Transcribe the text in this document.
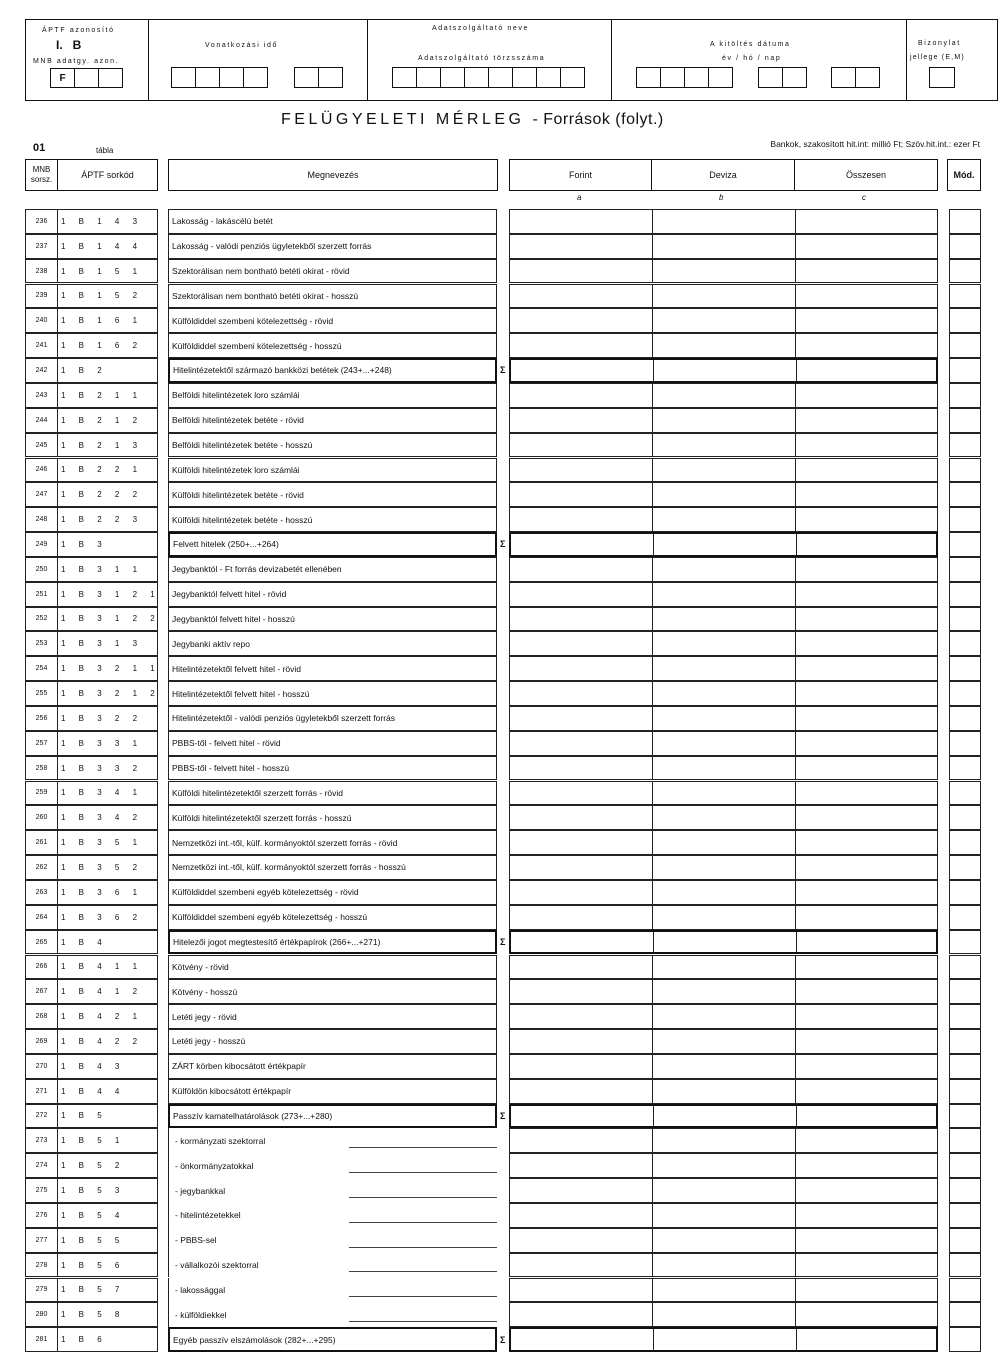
ÁPTF azonosító
I.   B
MNB adatgy. azon.
F
Vonatkozási idő
Adatszolgáltató neve
Adatszolgáltató törzsszáma
A kitöltés dátuma
év / hó / nap
Bizonylat
jellege (E,M)
FELÜGYELETI MÉRLEG - Források (folyt.)
01	tábla
Bankok, szakosított hit.int: millió Ft; Szöv.hit.int.: ezer Ft
MNB sorsz.	ÁPTF sorkód	Megnevezés	Forint	Deviza	Összesen	Mód.
a	b	c
236	1 B 1 4 3	Lakosság - lakáscélú betét
237	1 B 1 4 4	Lakosság - valódi penziós ügyletekből szerzett forrás
238	1 B 1 5 1	Szektorálisan nem bontható betéti okirat - rövid
239	1 B 1 5 2	Szektorálisan nem bontható betéti okirat - hosszú
240	1 B 1 6 1	Külföldiddel szembeni kötelezettség - rövid
241	1 B 1 6 2	Külföldiddel szembeni kötelezettség - hosszú
242	1 B 2	Hitelintézetektől származó bankközi betétek (243+...+248)	Σ
243	1 B 2 1 1	Belföldi hitelintézetek loro számlái
244	1 B 2 1 2	Belföldi hitelintézetek betéte - rövid
245	1 B 2 1 3	Belföldi hitelintézetek betéte - hosszú
246	1 B 2 2 1	Külföldi hitelintézetek loro számlái
247	1 B 2 2 2	Külföldi hitelintézetek betéte - rövid
248	1 B 2 2 3	Külföldi hitelintézetek betéte - hosszú
249	1 B 3	Felvett hitelek (250+...+264)	Σ
250	1 B 3 1 1	Jegybanktól - Ft forrás devizabetét ellenében
251	1 B 3 1 2 1	Jegybanktól felvett hitel - rövid
252	1 B 3 1 2 2	Jegybanktól felvett hitel - hosszú
253	1 B 3 1 3	Jegybanki aktív repo
254	1 B 3 2 1 1	Hitelintézetektől felvett hitel - rövid
255	1 B 3 2 1 2	Hitelintézetektől felvett hitel - hosszú
256	1 B 3 2 2	Hitelintézetektől - valódi penziós ügyletekből szerzett forrás
257	1 B 3 3 1	PBBS-től - felvett hitel - rövid
258	1 B 3 3 2	PBBS-től - felvett hitel - hosszú
259	1 B 3 4 1	Külföldi hitelintézetektől szerzett forrás - rövid
260	1 B 3 4 2	Külföldi hitelintézetektől szerzett forrás - hosszú
261	1 B 3 5 1	Nemzetközi int.-től, külf. kormányoktól szerzett forrás - rövid
262	1 B 3 5 2	Nemzetközi int.-től, külf. kormányoktól szerzett forrás - hosszú
263	1 B 3 6 1	Külföldiddel szembeni egyéb kötelezettség - rövid
264	1 B 3 6 2	Külföldiddel szembeni egyéb kötelezettség - hosszú
265	1 B 4	Hitelezői jogot megtestesítő értékpapírok (266+...+271)	Σ
266	1 B 4 1 1	Kötvény - rövid
267	1 B 4 1 2	Kötvény - hosszú
268	1 B 4 2 1	Letéti jegy - rövid
269	1 B 4 2 2	Letéti jegy - hosszú
270	1 B 4 3	ZÁRT körben kibocsátott értékpapír
271	1 B 4 4	Külföldön kibocsátott értékpapír
272	1 B 5	Passzív kamatelhatárolások (273+...+280)	Σ
273	1 B 5 1	- kormányzati szektorral
274	1 B 5 2	- önkormányzatokkal
275	1 B 5 3	- jegybankkal
276	1 B 5 4	- hitelintézetekkel
277	1 B 5 5	- PBBS-sel
278	1 B 5 6	- vállalkozói szektorral
279	1 B 5 7	- lakossággal
280	1 B 5 8	- külföldiekkel
281	1 B 6	Egyéb passzív elszámolások (282+...+295)	Σ
